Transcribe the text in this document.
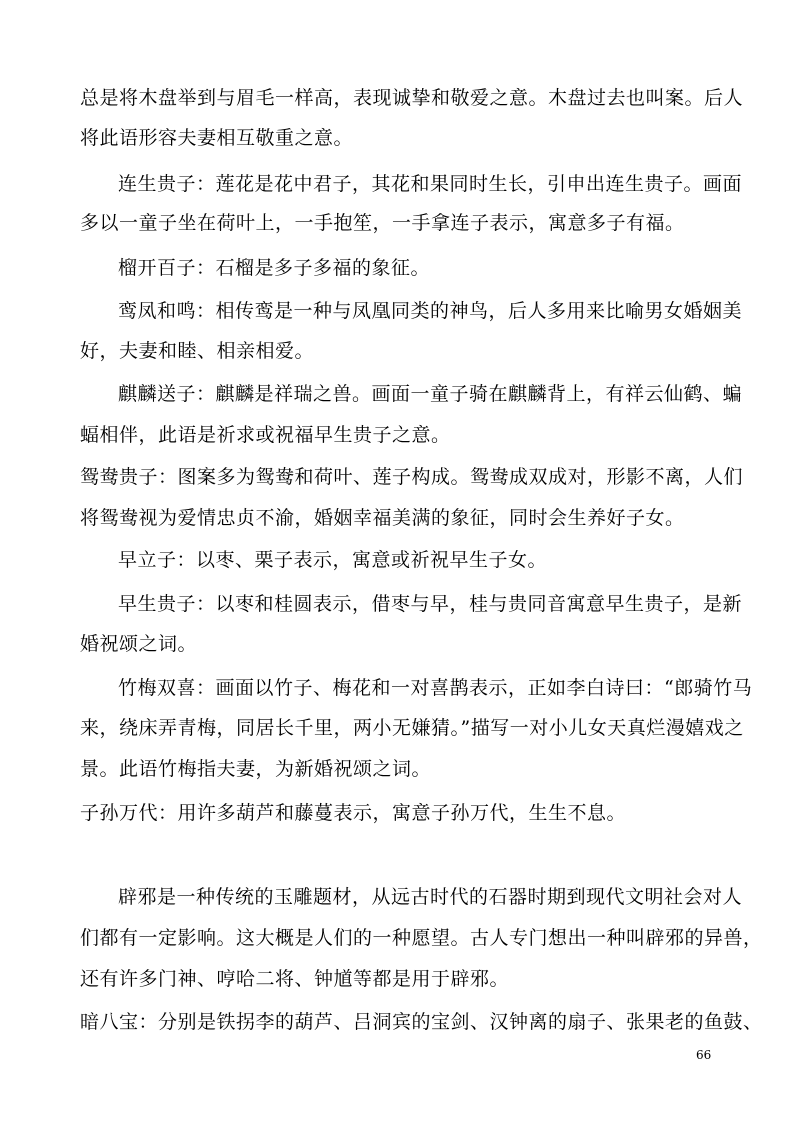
总是将木盘举到与眉毛一样高，表现诚挚和敬爱之意。木盘过去也叫案。后人
将此语形容夫妻相互敬重之意。
连生贵子：莲花是花中君子，其花和果同时生长，引申出连生贵子。画面
多以一童子坐在荷叶上，一手抱笙，一手拿连子表示，寓意多子有福。
榴开百子：石榴是多子多福的象征。
鸾凤和鸣：相传鸾是一种与凤凰同类的神鸟，后人多用来比喻男女婚姻美
好，夫妻和睦、相亲相爱。
麒麟送子：麒麟是祥瑞之兽。画面一童子骑在麒麟背上，有祥云仙鹤、蝙
蝠相伴，此语是祈求或祝福早生贵子之意。
鸳鸯贵子：图案多为鸳鸯和荷叶、莲子构成。鸳鸯成双成对，形影不离，人们
将鸳鸯视为爱情忠贞不渝，婚姻幸福美满的象征，同时会生养好子女。
早立子：以枣、栗子表示，寓意或祈祝早生子女。
早生贵子：以枣和桂圆表示，借枣与早，桂与贵同音寓意早生贵子，是新
婚祝颂之词。
竹梅双喜：画面以竹子、梅花和一对喜鹊表示，正如李白诗曰：“郎骑竹马
来，绕床弄青梅，同居长千里，两小无嫌猜。”描写一对小儿女天真烂漫嬉戏之
景。此语竹梅指夫妻，为新婚祝颂之词。
子孙万代：用许多葫芦和藤蔓表示，寓意子孙万代，生生不息。
辟邪是一种传统的玉雕题材，从远古时代的石器时期到现代文明社会对人
们都有一定影响。这大概是人们的一种愿望。古人专门想出一种叫辟邪的异兽，
还有许多门神、哼哈二将、钟馗等都是用于辟邪。
暗八宝：分别是铁拐李的葫芦、吕洞宾的宝剑、汉钟离的扇子、张果老的鱼鼓、
66
